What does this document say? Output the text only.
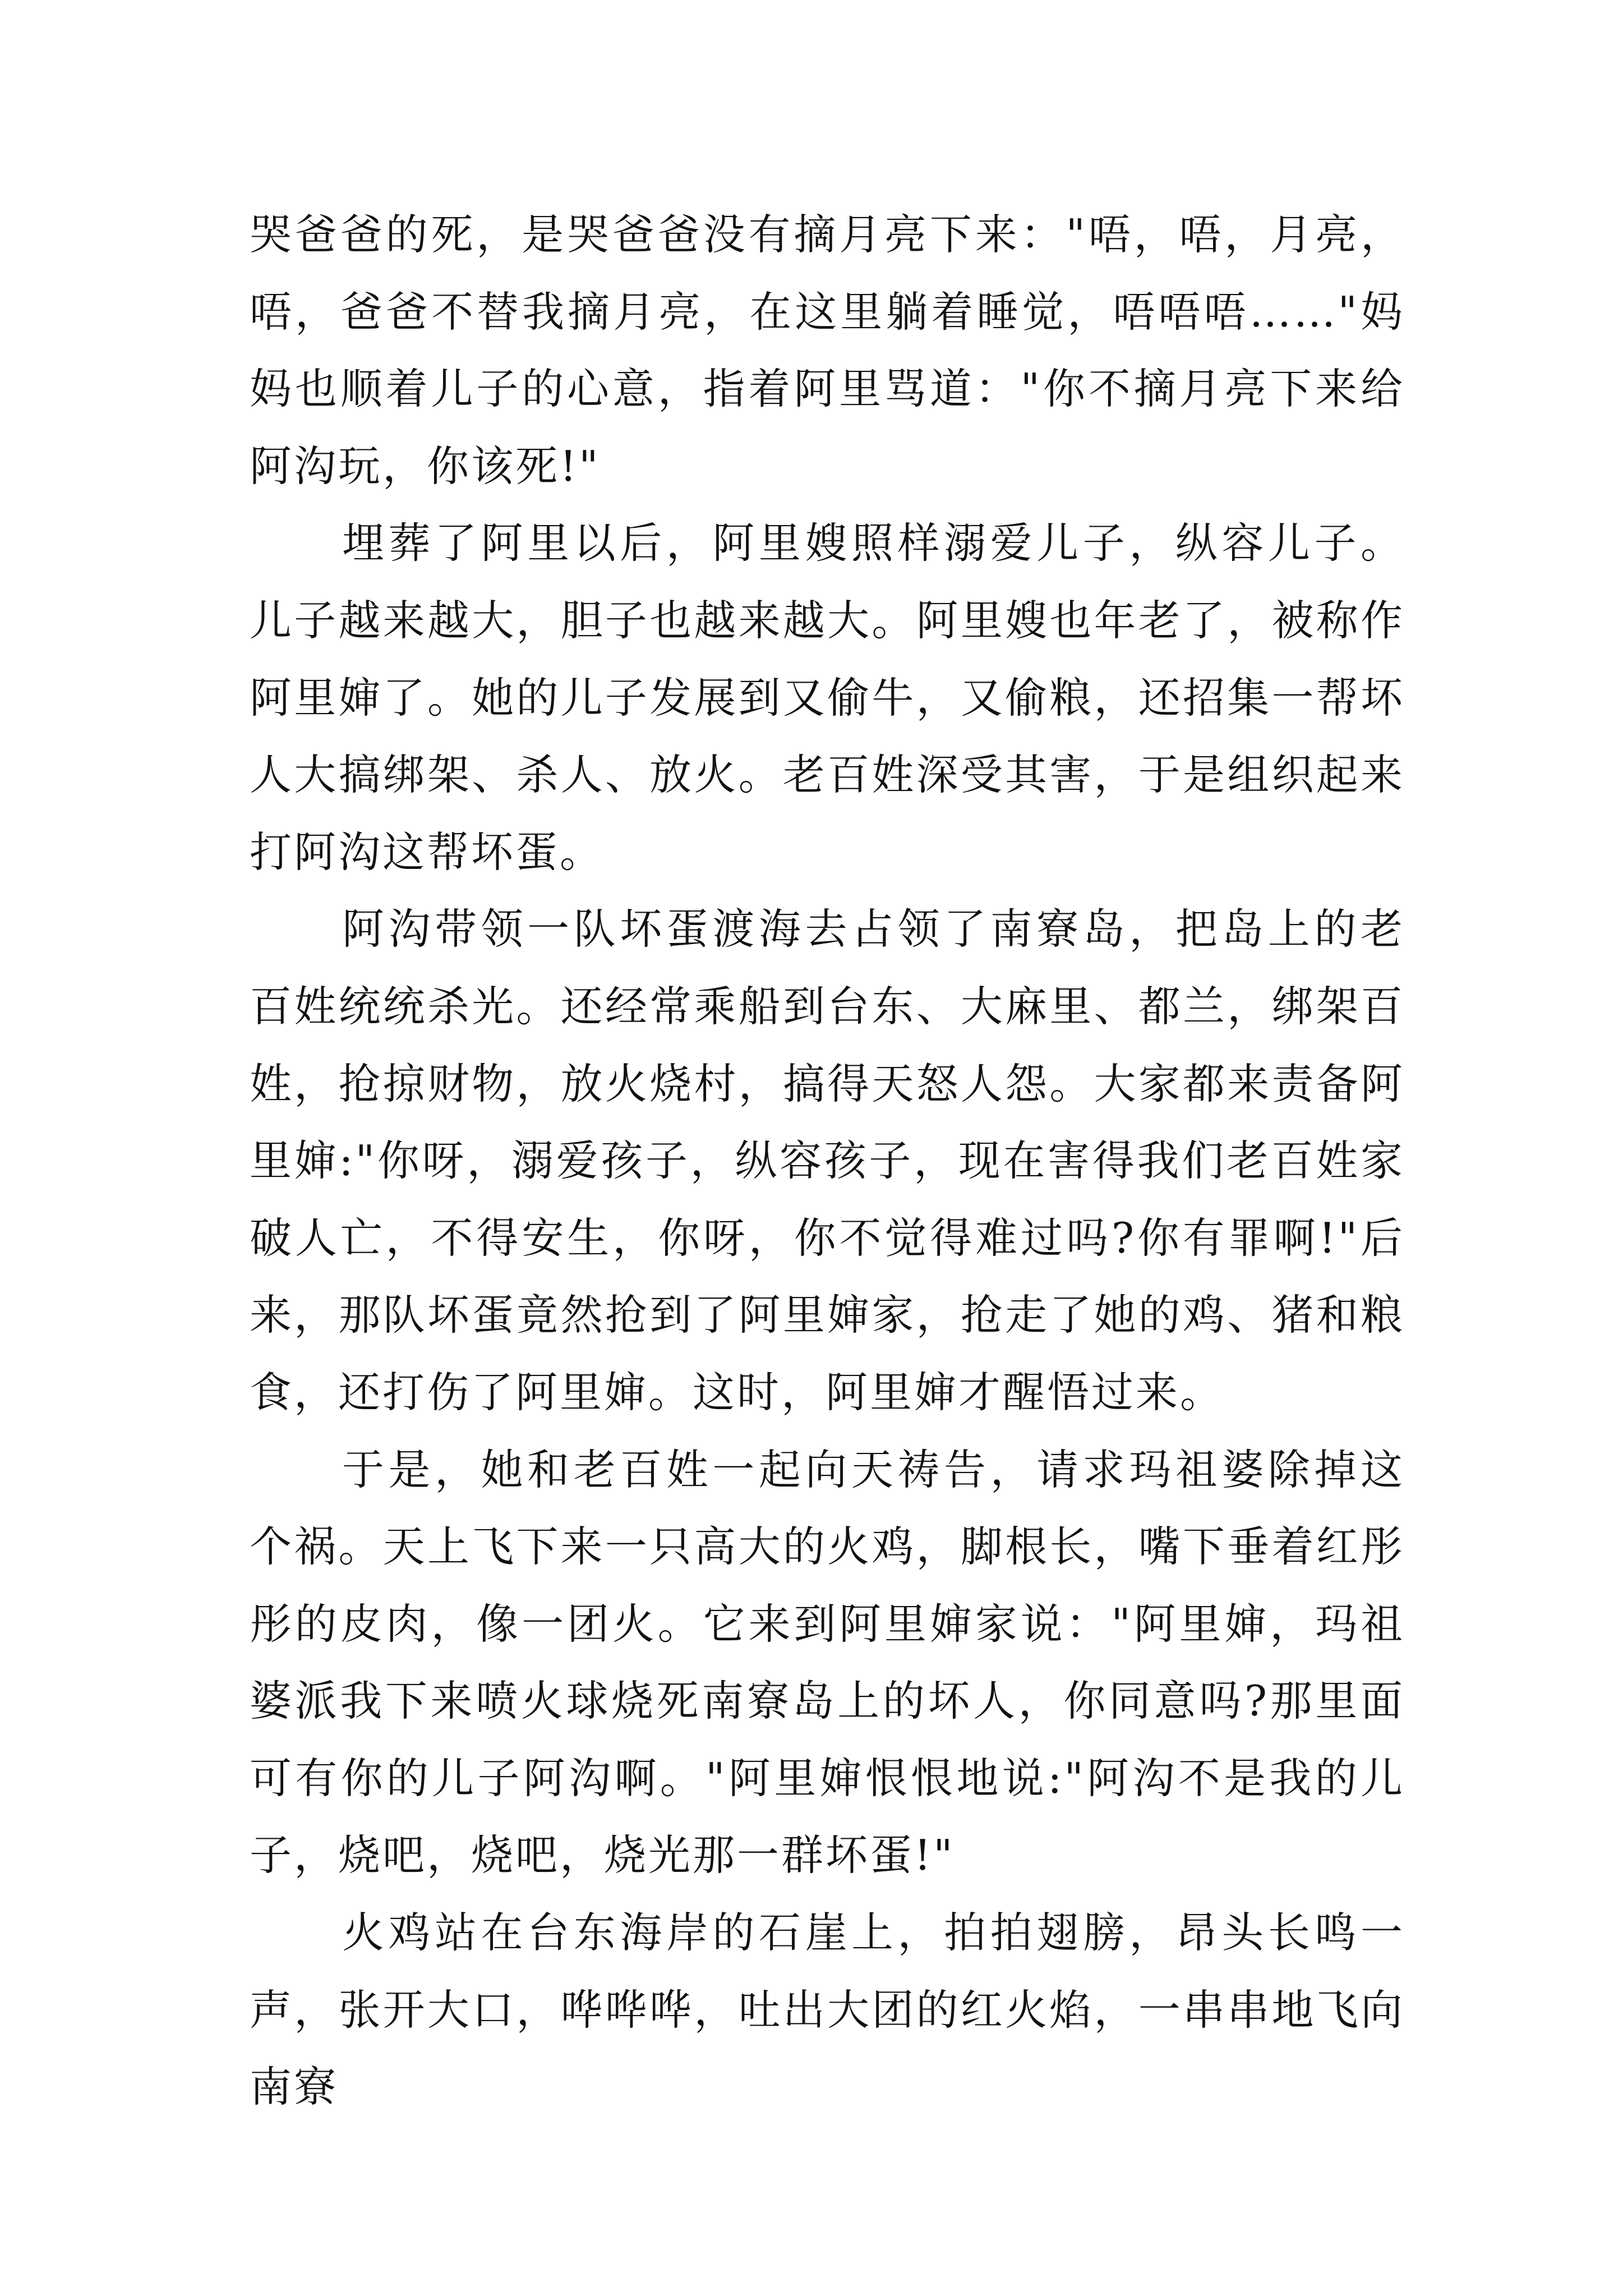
哭爸爸的死，是哭爸爸没有摘月亮下来："唔，唔，月亮，唔，爸爸不替我摘月亮，在这里躺着睡觉，唔唔唔……"妈妈也顺着儿子的心意，指着阿里骂道："你不摘月亮下来给阿沟玩，你该死!"

埋葬了阿里以后，阿里嫂照样溺爱儿子，纵容儿子。儿子越来越大，胆子也越来越大。阿里嫂也年老了，被称作阿里婶了。她的儿子发展到又偷牛，又偷粮，还招集一帮坏人大搞绑架、杀人、放火。老百姓深受其害，于是组织起来打阿沟这帮坏蛋。

阿沟带领一队坏蛋渡海去占领了南寮岛，把岛上的老百姓统统杀光。还经常乘船到台东、大麻里、都兰，绑架百姓，抢掠财物，放火烧村，搞得天怒人怨。大家都来责备阿里婶:"你呀，溺爱孩子，纵容孩子，现在害得我们老百姓家破人亡，不得安生，你呀，你不觉得难过吗?你有罪啊!"后来，那队坏蛋竟然抢到了阿里婶家，抢走了她的鸡、猪和粮食，还打伤了阿里婶。这时，阿里婶才醒悟过来。

于是，她和老百姓一起向天祷告，请求玛祖婆除掉这个祸。天上飞下来一只高大的火鸡，脚根长，嘴下垂着红彤彤的皮肉，像一团火。它来到阿里婶家说："阿里婶，玛祖婆派我下来喷火球烧死南寮岛上的坏人，你同意吗?那里面可有你的儿子阿沟啊。"阿里婶恨恨地说:"阿沟不是我的儿子，烧吧，烧吧，烧光那一群坏蛋!"

火鸡站在台东海岸的石崖上，拍拍翅膀，昂头长鸣一声，张开大口，哗哗哗，吐出大团的红火焰，一串串地飞向南寮
